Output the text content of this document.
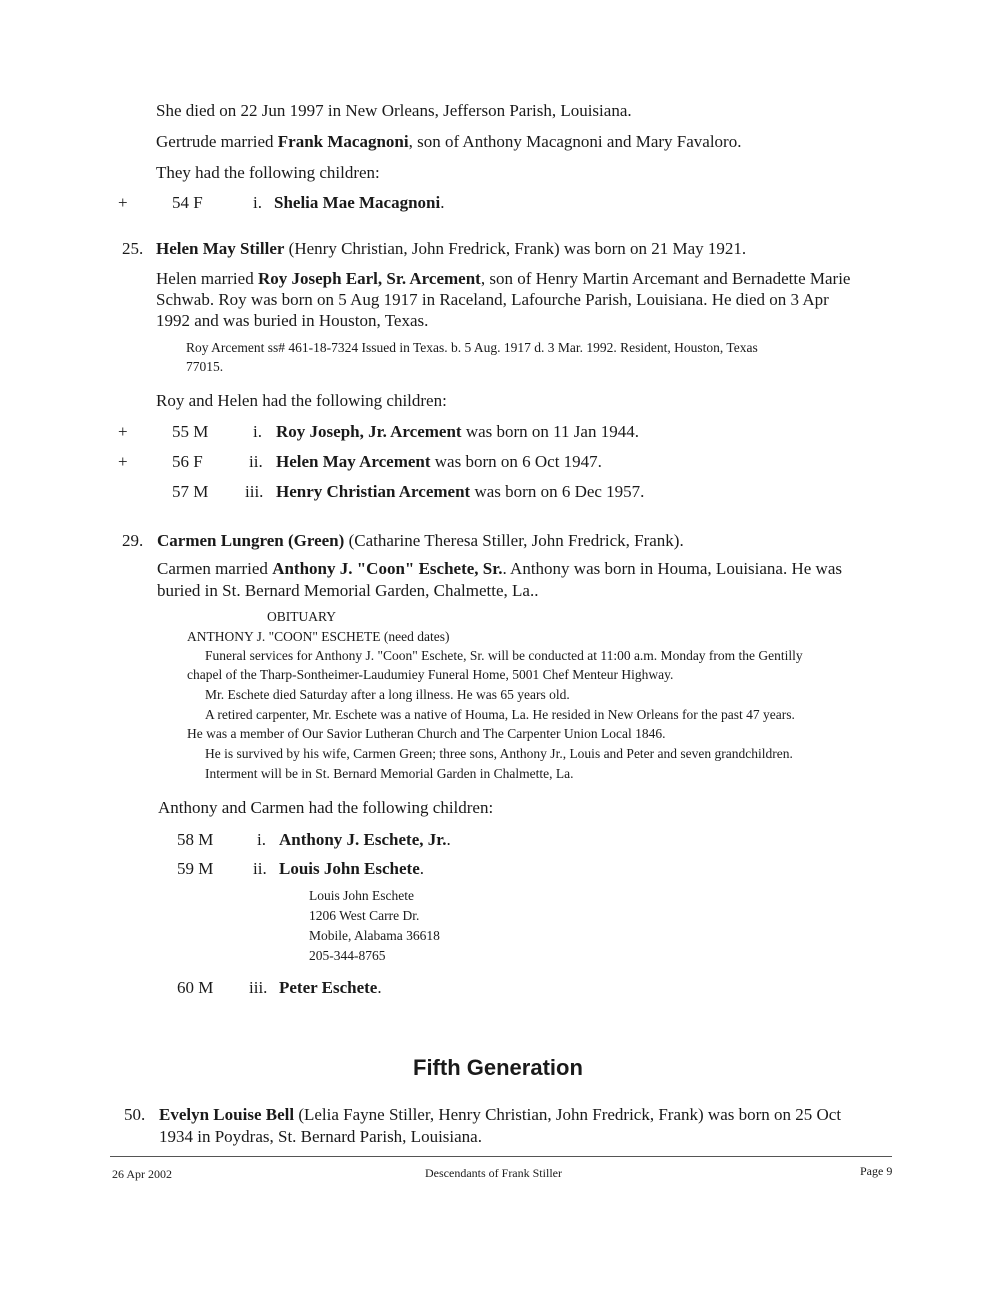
She died on 22 Jun 1997 in New Orleans, Jefferson Parish, Louisiana.
Gertrude married Frank Macagnoni, son of Anthony Macagnoni and Mary Favaloro.
They had the following children:
+	54 F	i. Shelia Mae Macagnoni.
25. Helen May Stiller (Henry Christian, John Fredrick, Frank) was born on 21 May 1921.
Helen married Roy Joseph Earl, Sr. Arcement, son of Henry Martin Arcemant and Bernadette Marie
Schwab. Roy was born on 5 Aug 1917 in Raceland, Lafourche Parish, Louisiana. He died on 3 Apr
1992 and was buried in Houston, Texas.
Roy Arcement ss# 461-18-7324 Issued in Texas. b. 5 Aug. 1917 d. 3 Mar. 1992. Resident, Houston, Texas
77015.
Roy and Helen had the following children:
+	55 M	i. Roy Joseph, Jr. Arcement was born on 11 Jan 1944.
+	56 F	ii. Helen May Arcement was born on 6 Oct 1947.
57 M iii. Henry Christian Arcement was born on 6 Dec 1957.
29. Carmen Lungren (Green) (Catharine Theresa Stiller, John Fredrick, Frank).
Carmen married Anthony J. "Coon" Eschete, Sr.. Anthony was born in Houma, Louisiana. He was
buried in St. Bernard Memorial Garden, Chalmette, La..
OBITUARY
ANTHONY J. "COON" ESCHETE (need dates)
Funeral services for Anthony J. "Coon" Eschete, Sr. will be conducted at 11:00 a.m. Monday from the Gentilly
chapel of the Tharp-Sontheimer-Laudumiey Funeral Home, 5001 Chef Menteur Highway.
Mr. Eschete died Saturday after a long illness. He was 65 years old.
A retired carpenter, Mr. Eschete was a native of Houma, La. He resided in New Orleans for the past 47 years.
He was a member of Our Savior Lutheran Church and The Carpenter Union Local 1846.
He is survived by his wife, Carmen Green; three sons, Anthony Jr., Louis and Peter and seven grandchildren.
Interment will be in St. Bernard Memorial Garden in Chalmette, La.
Anthony and Carmen had the following children:
58 M	i. Anthony J. Eschete, Jr..
59 M ii. Louis John Eschete.
Louis John Eschete
1206 West Carre Dr.
Mobile, Alabama 36618
205-344-8765
60 M iii. Peter Eschete.
Fifth Generation
50. Evelyn Louise Bell (Lelia Fayne Stiller, Henry Christian, John Fredrick, Frank) was born on 25 Oct
1934 in Poydras, St. Bernard Parish, Louisiana.
26 Apr 2002	Descendants of Frank Stiller	Page 9
